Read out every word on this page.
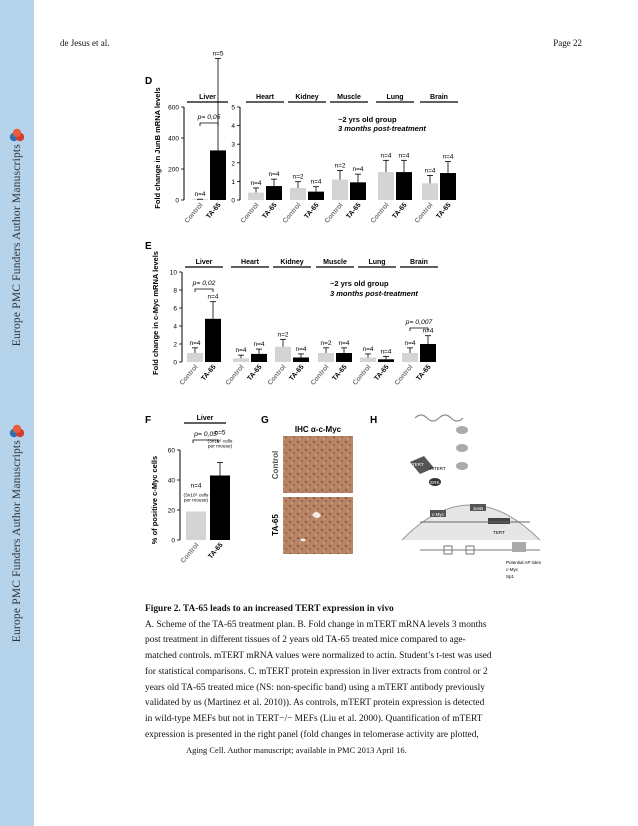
Europe PMC Funders Author Manuscripts
Europe PMC Funders Author Manuscripts
de Jesus et al.	Page 22
D
Fold change in JunB mRNA levels 0
200
400
600
Liver
n=4
Control
n=5
TA-65
p= 0,05
0
1
2
3
4
5
Heart
n=4
Control
n=4
TA-65
Kidney
n=2
Control
n=4
TA-65
Muscle
n=2
Control
n=4
TA-65
Lung
n=4
Control
n=4
TA-65
Brain
n=4
Control
n=4
TA-65
~2 yrs old group
3 months post-treatment
E
Fold change in c-Myc mRNA levels 0
2
4
6
8
10
Liver
n=4
Control
n=4
TA-65
Heart
n=4
Control
n=4
TA-65
Kidney
n=2
Control
n=4
TA-65
Muscle
n=2
Control
n=4
TA-65
Lung
n=4
Control
n=4
TA-65
Brain
n=4
Control
n=4
TA-65
p= 0,02
p= 0,007
~2 yrs old group
3 months post-treatment
F
% of positive c-Myc cells 0
20
40
60
Liver
p= 0,05
n=4
(3x10⁵ cells
per mouse)
Control
n=5
(3x10⁵ cells
per mouse)
TA-65
G
IHC α-c-Myc
Control
TA-65
H
Potential AP sites
c-Myc
Sp1
mTERT
mTERT
ERK
JunB
c-Myc
TERT

Figure 2. TA-65 leads to an increased TERT expression in vivo

A. Scheme of the TA-65 treatment plan. B. Fold change in mTERT mRNA levels 3 months

post treatment in different tissues of 2 years old TA-65 treated mice compared to age-

matched controls. mTERT mRNA values were normalized to actin. Student’s t-test was used

for statistical comparisons. C. mTERT protein expression in liver extracts from control or 2

years old TA-65 treated mice (NS: non-specific band) using a mTERT antibody previously

validated by us (Martinez et al. 2010)). As controls, mTERT protein expression is detected

in wild-type MEFs but not in TERT−/− MEFs (Liu et al. 2000). Quantification of mTERT

expression is presented in the right panel (fold changes in telomerase activity are plotted,

Aging Cell. Author manuscript; available in PMC 2013 April 16.
